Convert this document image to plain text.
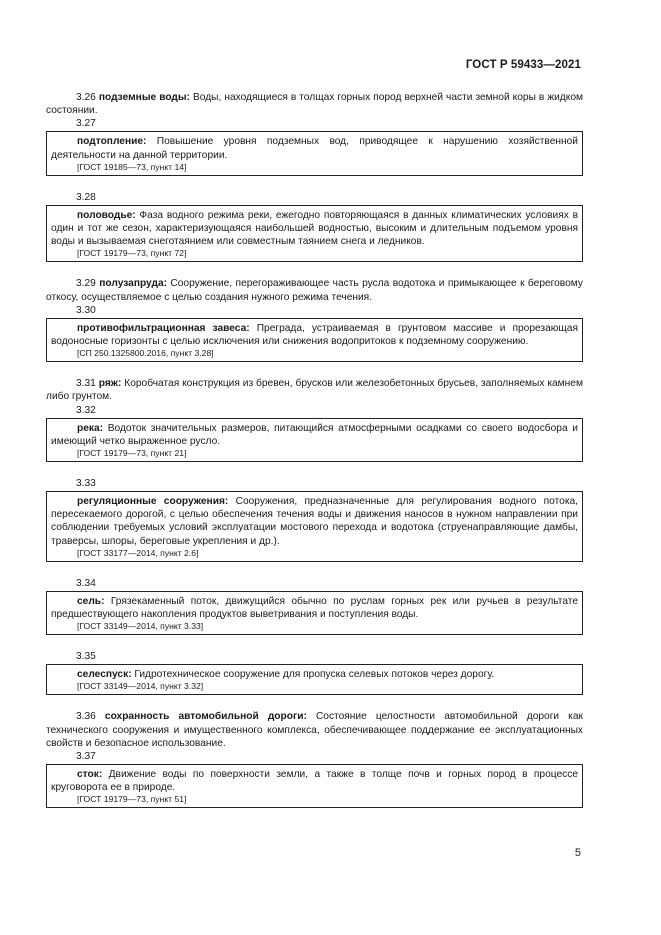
ГОСТ Р 59433—2021

3.26 подземные воды: Воды, находящиеся в толщах горных пород верхней части земной коры в жидком состоянии.

3.27

подтопление: Повышение уровня подземных вод, приводящее к нарушению хозяйственной деятельности на данной территории.

[ГОСТ 19185—73, пункт 14]

3.28

половодье: Фаза водного режима реки, ежегодно повторяющаяся в данных климатических условиях в один и тот же сезон, характеризующаяся наибольшей водностью, высоким и длительным подъемом уровня воды и вызываемая снеготаянием или совместным таянием снега и ледников.

[ГОСТ 19179—73, пункт 72]

3.29 полузапруда: Сооружение, перегораживающее часть русла водотока и примыкающее к береговому откосу, осуществляемое с целью создания нужного режима течения.

3.30

противофильтрационная завеса: Преграда, устраиваемая в грунтовом массиве и прорезающая водоносные горизонты с целью исключения или снижения водопритоков к подземному сооружению.

[СП 250.1325800.2016, пункт 3.28]

3.31 ряж: Коробчатая конструкция из бревен, брусков или железобетонных брусьев, заполняемых камнем либо грунтом.

3.32

река: Водоток значительных размеров, питающийся атмосферными осадками со своего водосбора и имеющий четко выраженное русло.

[ГОСТ 19179—73, пункт 21]

3.33

регуляционные сооружения: Сооружения, предназначенные для регулирования водного потока, пересекаемого дорогой, с целью обеспечения течения воды и движения наносов в нужном направлении при соблюдении требуемых условий эксплуатации мостового перехода и водотока (струенаправляющие дамбы, траверсы, шпоры, береговые укрепления и др.).

[ГОСТ 33177—2014, пункт 2.6]

3.34

сель: Грязекаменный поток, движущийся обычно по руслам горных рек или ручьев в результате предшествующего накопления продуктов выветривания и поступления воды.

[ГОСТ 33149—2014, пункт 3.33]

3.35

селеспуск: Гидротехническое сооружение для пропуска селевых потоков через дорогу.

[ГОСТ 33149—2014, пункт 3.32]

3.36 сохранность автомобильной дороги: Состояние целостности автомобильной дороги как технического сооружения и имущественного комплекса, обеспечивающее поддержание ее эксплуатационных свойств и безопасное использование.

3.37

сток: Движение воды по поверхности земли, а также в толще почв и горных пород в процессе круговорота ее в природе.

[ГОСТ 19179—73, пункт 51]

5
